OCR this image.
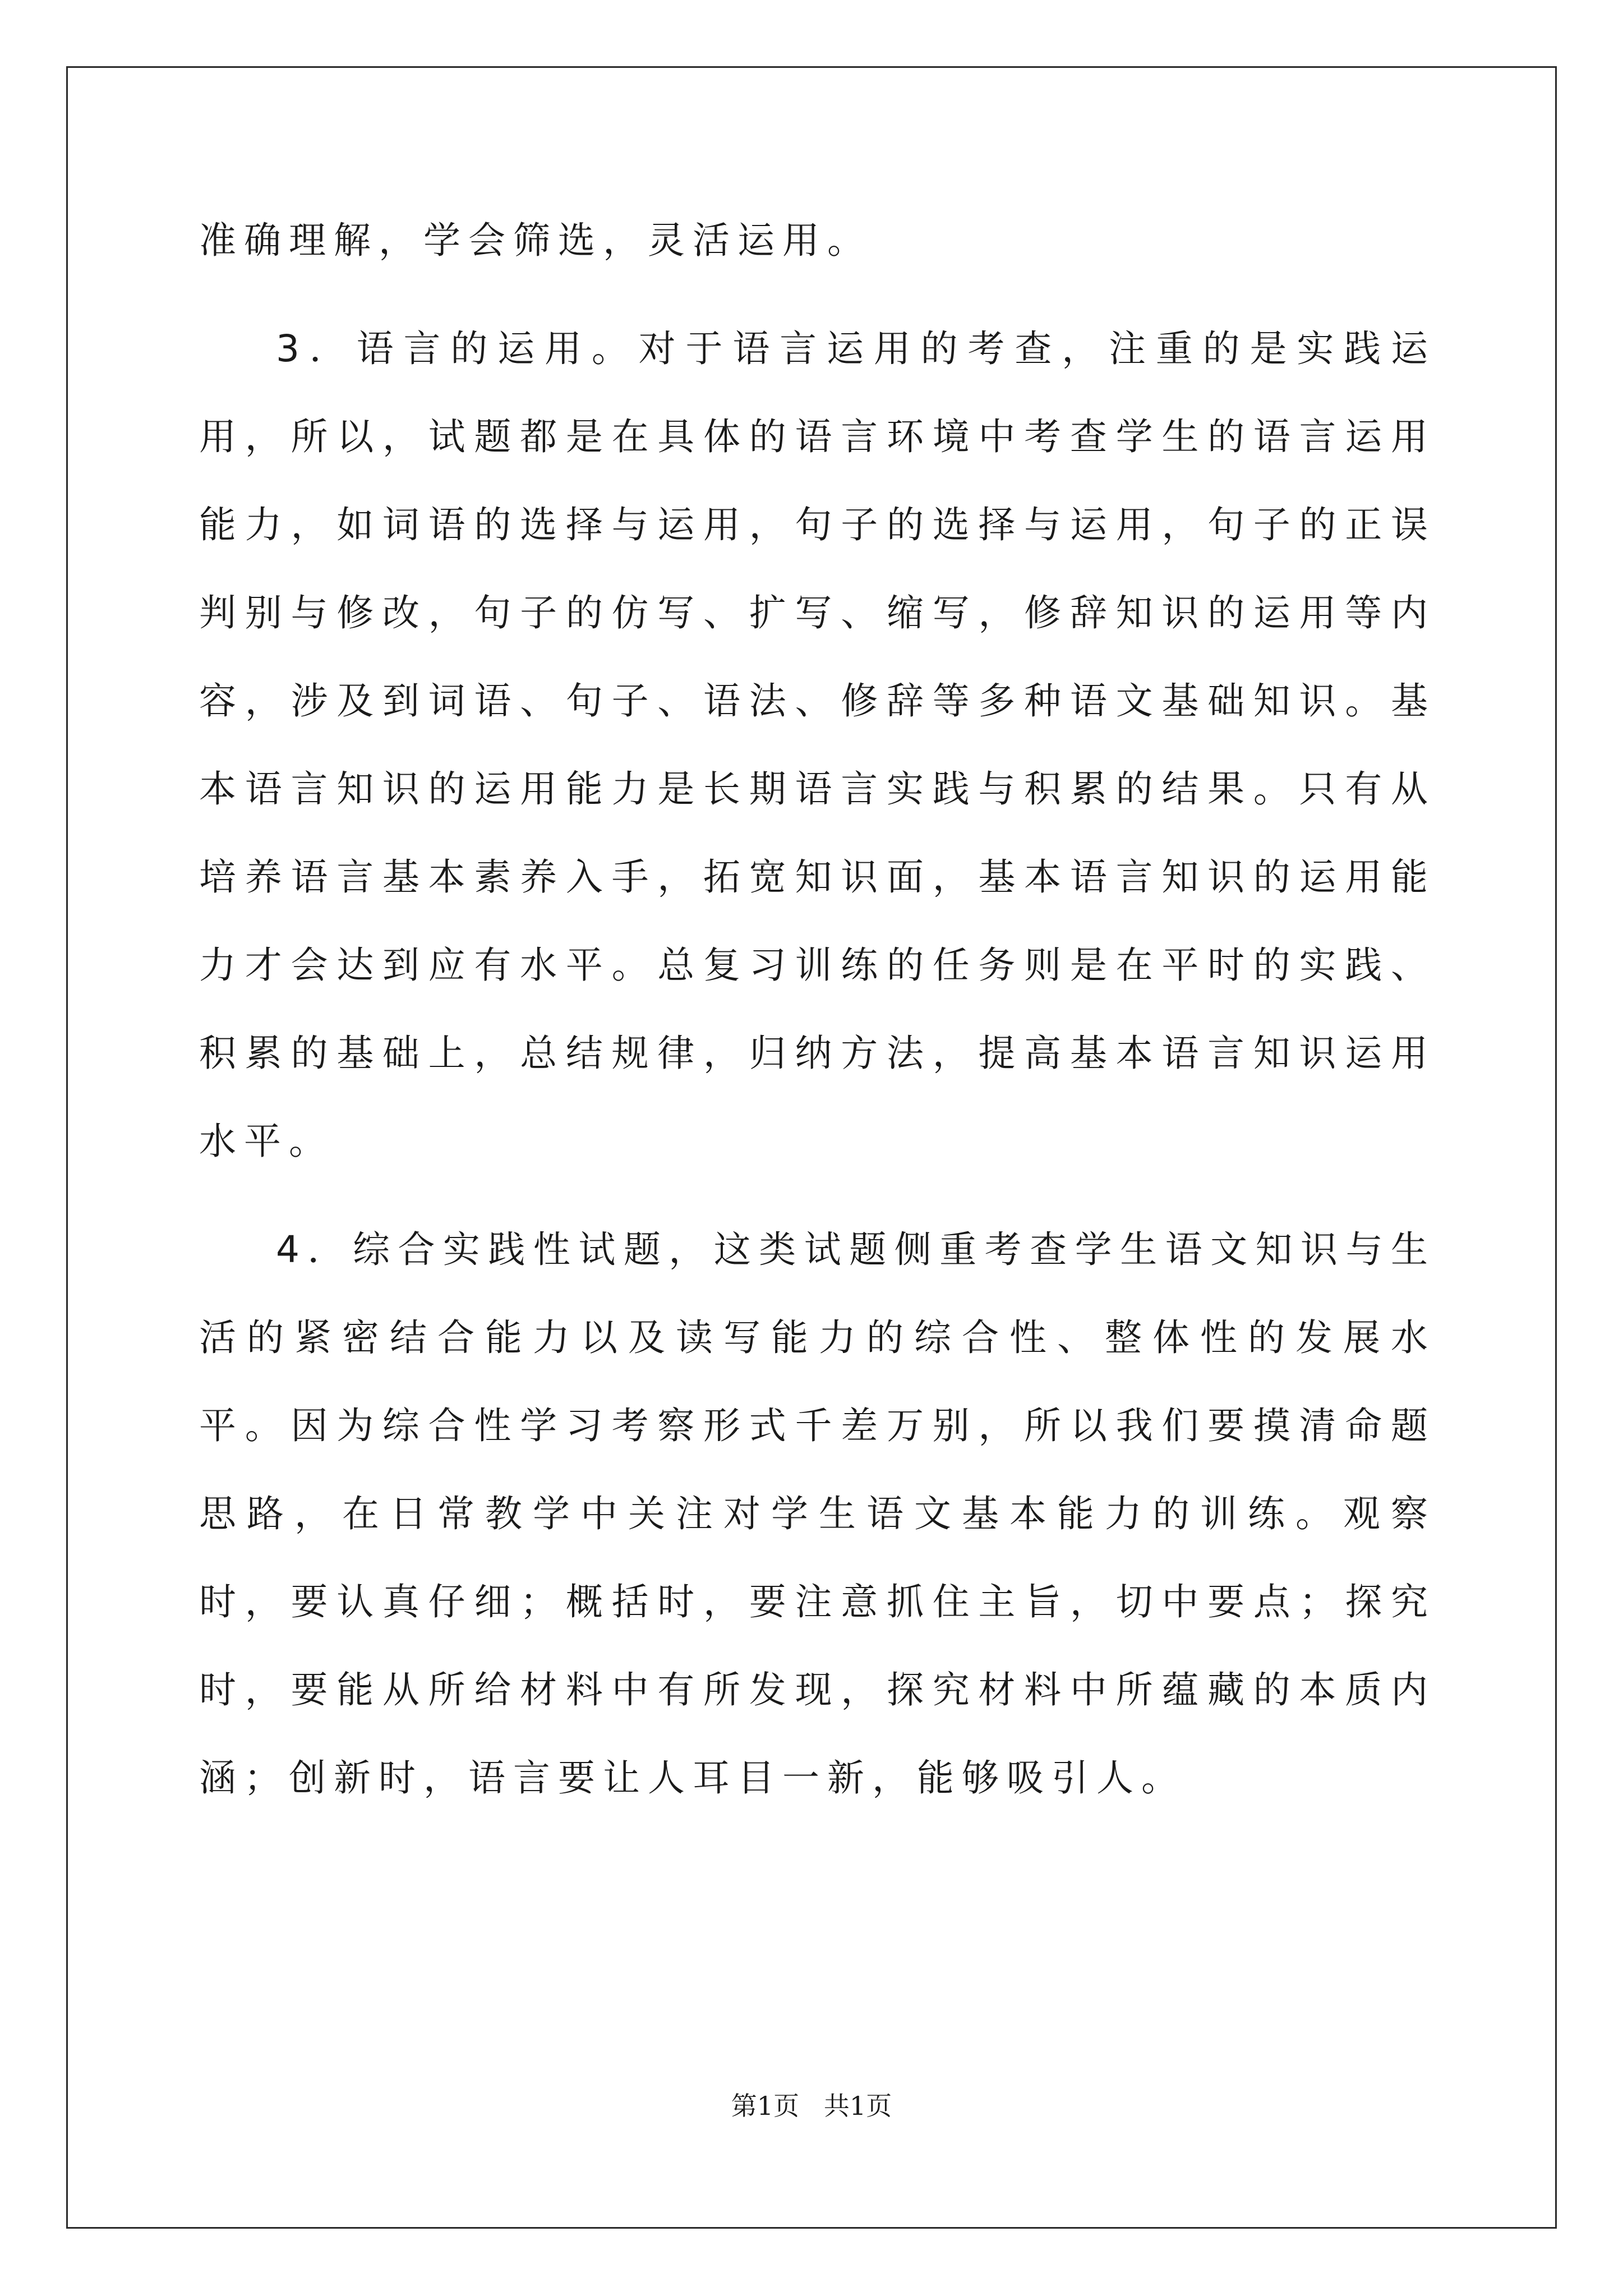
准确理解，学会筛选，灵活运用。

3．语言的运用。对于语言运用的考查，注重的是实践运用，所以，试题都是在具体的语言环境中考查学生的语言运用能力，如词语的选择与运用，句子的选择与运用，句子的正误判别与修改，句子的仿写、扩写、缩写，修辞知识的运用等内容，涉及到词语、句子、语法、修辞等多种语文基础知识。基本语言知识的运用能力是长期语言实践与积累的结果。只有从培养语言基本素养入手，拓宽知识面，基本语言知识的运用能力才会达到应有水平。总复习训练的任务则是在平时的实践、积累的基础上，总结规律，归纳方法，提高基本语言知识运用水平。

4．综合实践性试题，这类试题侧重考查学生语文知识与生活的紧密结合能力以及读写能力的综合性、整体性的发展水平。因为综合性学习考察形式千差万别，所以我们要摸清命题思路，在日常教学中关注对学生语文基本能力的训练。观察时，要认真仔细；概括时，要注意抓住主旨，切中要点；探究时，要能从所给材料中有所发现，探究材料中所蕴藏的本质内涵；创新时，语言要让人耳目一新，能够吸引人。

第1页   共1页
